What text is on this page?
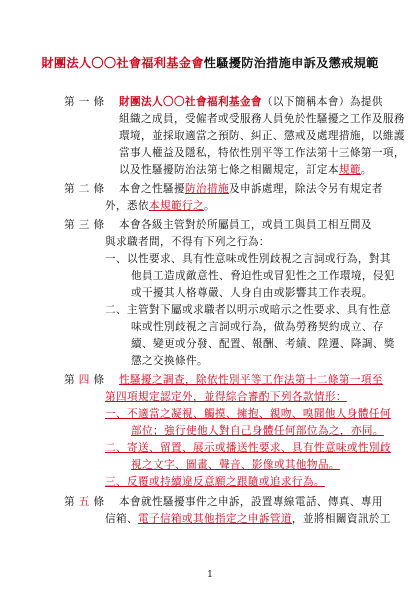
財團法人〇〇社會福利基金會性騷擾防治措施申訴及懲戒規範
第 一 條 財團法人〇〇社會福利基金會（以下簡稱本會）為提供
組織之成員，受僱者或受服務人員免於性騷擾之工作及服務
環境，並採取適當之預防、糾正、懲戒及處理措施，以維護
當事人權益及隱私，特依性別平等工作法第十三條第一項，
以及性騷擾防治法第七條之相關規定，訂定本規範。
第 二 條 本會之性騷擾防治措施及申訴處理，除法令另有規定者
外，悉依本規範行之。
第 三 條 本會各級主管對於所屬員工，或員工與員工相互間及
與求職者間，不得有下列之行為：
一、以性要求、具有性意味或性別歧視之言詞或行為，對其
他員工造成敵意性、脅迫性或冒犯性之工作環境，侵犯
或干擾其人格尊嚴、人身自由或影響其工作表現。
二、主管對下屬或求職者以明示或暗示之性要求、具有性意
味或性別歧視之言詞或行為，做為勞務契約成立、存
續、變更或分發、配置、報酬、考績、陞遷、降調、獎
懲之交換條件。
第 四 條 性騷擾之調查，除依性別平等工作法第十二條第一項至
第四項規定認定外，並得綜合審酌下列各款情形：
一、不適當之凝視、觸摸、擁抱、親吻、嗅聞他人身體任何
部位；強行使他人對自己身體任何部位為之，亦同。
二、寄送、留置、展示或播送性要求、具有性意味或性別歧
視之文字、圖畫、聲音、影像或其他物品。
三、反覆或持續違反意願之跟隨或追求行為。
第 五 條 本會就性騷擾事件之申訴，設置專線電話、傳真、專用
信箱、電子信箱或其他指定之申訴管道，並將相關資訊於工
1
